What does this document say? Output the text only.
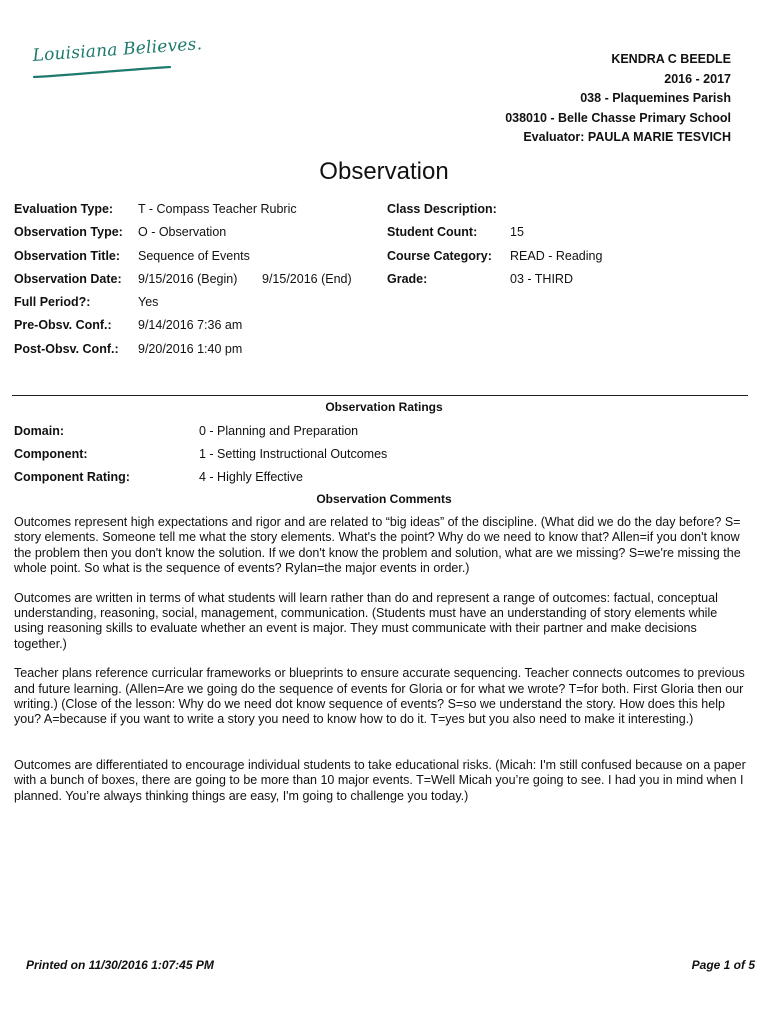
Louisiana Believes.	KENDRA C BEEDLE
2016 - 2017
038 - Plaquemines Parish
038010 - Belle Chasse Primary School
Evaluator: PAULA MARIE TESVICH
Observation
Evaluation Type: T - Compass Teacher Rubric
Observation Type: O - Observation
Observation Title: Sequence of Events
Observation Date: 9/15/2016 (Begin) 9/15/2016 (End)
Full Period?:	Yes
Pre-Obsv. Conf.: 9/14/2016 7:36 am
Post-Obsv. Conf.: 9/20/2016 1:40 pm
Class Description:
Student Count:	15
Course Category: READ - Reading
Grade:	03 - THIRD
Observation Ratings
Domain:	0 - Planning and Preparation
Component:	1 - Setting Instructional Outcomes
Component Rating:	4 - Highly Effective
Observation Comments

Outcomes represent high expectations and rigor and are related to “big ideas” of the discipline. (What did we do the day before? S= story elements. Someone tell me what the story elements. What's the point? Why do we need to know that? Allen=if you don't know the problem then you don't know the solution. If we don't know the problem and solution, what are we missing? S=we're missing the whole point. So what is the sequence of events? Rylan=the major events in order.)

Outcomes are written in terms of what students will learn rather than do and represent a range of outcomes: factual, conceptual understanding, reasoning, social, management, communication. (Students must have an understanding of story elements while using reasoning skills to evaluate whether an event is major. They must communicate with their partner and make decisions together.)

Teacher plans reference curricular frameworks or blueprints to ensure accurate sequencing. Teacher connects outcomes to previous and future learning. (Allen=Are we going do the sequence of events for Gloria or for what we wrote? T=for both. First Gloria then our writing.) (Close of the lesson: Why do we need dot know sequence of events? S=so we understand the story. How does this help you? A=because if you want to write a story you need to know how to do it. T=yes but you also need to make it interesting.)

Outcomes are differentiated to encourage individual students to take educational risks. (Micah: I'm still confused because on a paper with a bunch of boxes, there are going to be more than 10 major events. T=Well Micah you’re going to see. I had you in mind when I planned. You’re always thinking things are easy, I'm going to challenge you today.)

Printed on 11/30/2016 1:07:45 PM	Page 1 of 5
